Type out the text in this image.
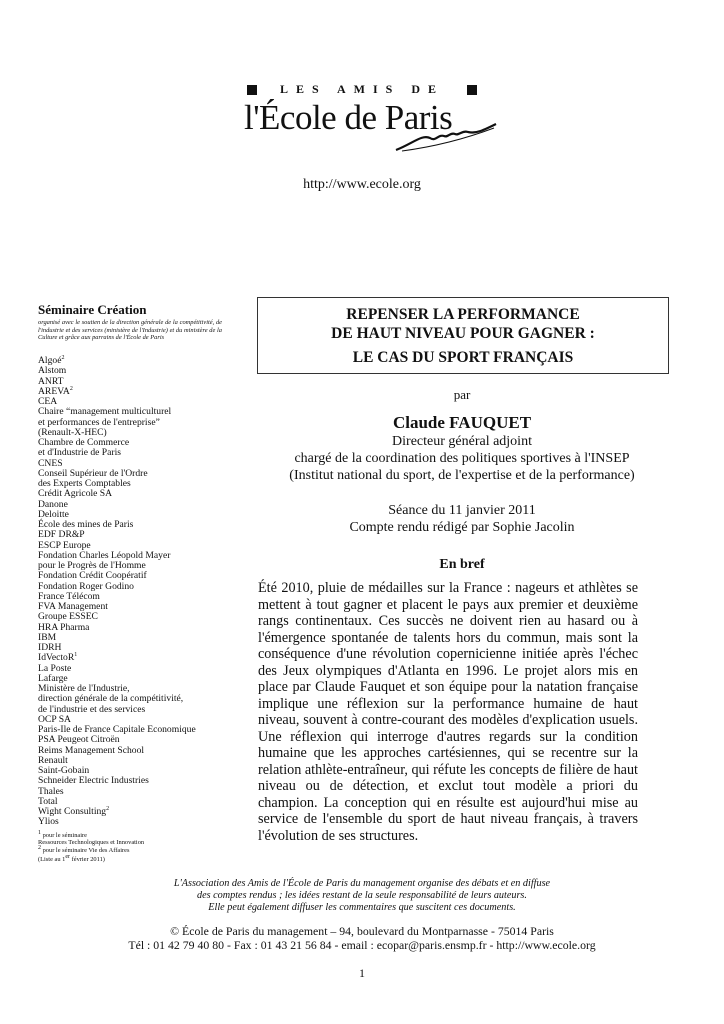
LES AMIS DE
l'École de Paris
http://www.ecole.org
Séminaire Création
organisé avec le soutien de la direction générale de la compétitivité, de l'industrie et des services (ministère de l'Industrie) et du ministère de la Culture et grâce aux parrains de l'École de Paris
Algoé$^2$
Alstom
ANRT
AREVA$^2$
CEA
Chaire “management multiculturel
et performances de l'entreprise”
(Renault-X-HEC)
Chambre de Commerce
et d'Industrie de Paris
CNES
Conseil Supérieur de l'Ordre
des Experts Comptables
Crédit Agricole SA
Danone
Deloitte
École des mines de Paris
EDF DR&P
ESCP Europe
Fondation Charles Léopold Mayer
pour le Progrès de l'Homme
Fondation Crédit Coopératif
Fondation Roger Godino
France Télécom
FVA Management
Groupe ESSEC
HRA Pharma
IBM
IDRH
IdVectoR$^1$
La Poste
Lafarge
Ministère de l'Industrie,
direction générale de la compétitivité,
de l'industrie et des services
OCP SA
Paris-Ile de France Capitale Economique
PSA Peugeot Citroën
Reims Management School
Renault
Saint-Gobain
Schneider Electric Industries
Thales
Total
Wight Consulting$^2$
Ylios
$^1$ pour le séminaire
Ressources Technologiques et Innovation
$^2$ pour le séminaire Vie des Affaires
(Liste au 1er février 2011)
REPENSER LA PERFORMANCE
DE HAUT NIVEAU POUR GAGNER :
LE CAS DU SPORT FRANÇAIS
par
Claude FAUQUET
Directeur général adjoint
chargé de la coordination des politiques sportives à l'INSEP
(Institut national du sport, de l'expertise et de la performance)
Séance du 11 janvier 2011
Compte rendu rédigé par Sophie Jacolin
En bref
Été 2010, pluie de médailles sur la France : nageurs et athlètes se mettent à tout gagner et placent le pays aux premier et deuxième rangs continentaux. Ces succès ne doivent rien au hasard ou à l'émergence spontanée de talents hors du commun, mais sont la conséquence d'une révolution copernicienne initiée après l'échec des Jeux olympiques d'Atlanta en 1996. Le projet alors mis en place par Claude Fauquet et son équipe pour la natation française implique une réflexion sur la performance humaine de haut niveau, souvent à contre-courant des modèles d'explication usuels. Une réflexion qui interroge d'autres regards sur la condition humaine que les approches cartésiennes, qui se recentre sur la relation athlète-entraîneur, qui réfute les concepts de filière de haut niveau ou de détection, et exclut tout modèle a priori du champion. La conception qui en résulte est aujourd'hui mise au service de l'ensemble du sport de haut niveau français, à travers l'évolution de ses structures.
L'Association des Amis de l'École de Paris du management organise des débats et en diffuse
des comptes rendus ; les idées restant de la seule responsabilité de leurs auteurs.
Elle peut également diffuser les commentaires que suscitent ces documents.
© École de Paris du management – 94, boulevard du Montparnasse - 75014 Paris
Tél : 01 42 79 40 80 - Fax : 01 43 21 56 84 - email : ecopar@paris.ensmp.fr - http://www.ecole.org
1
